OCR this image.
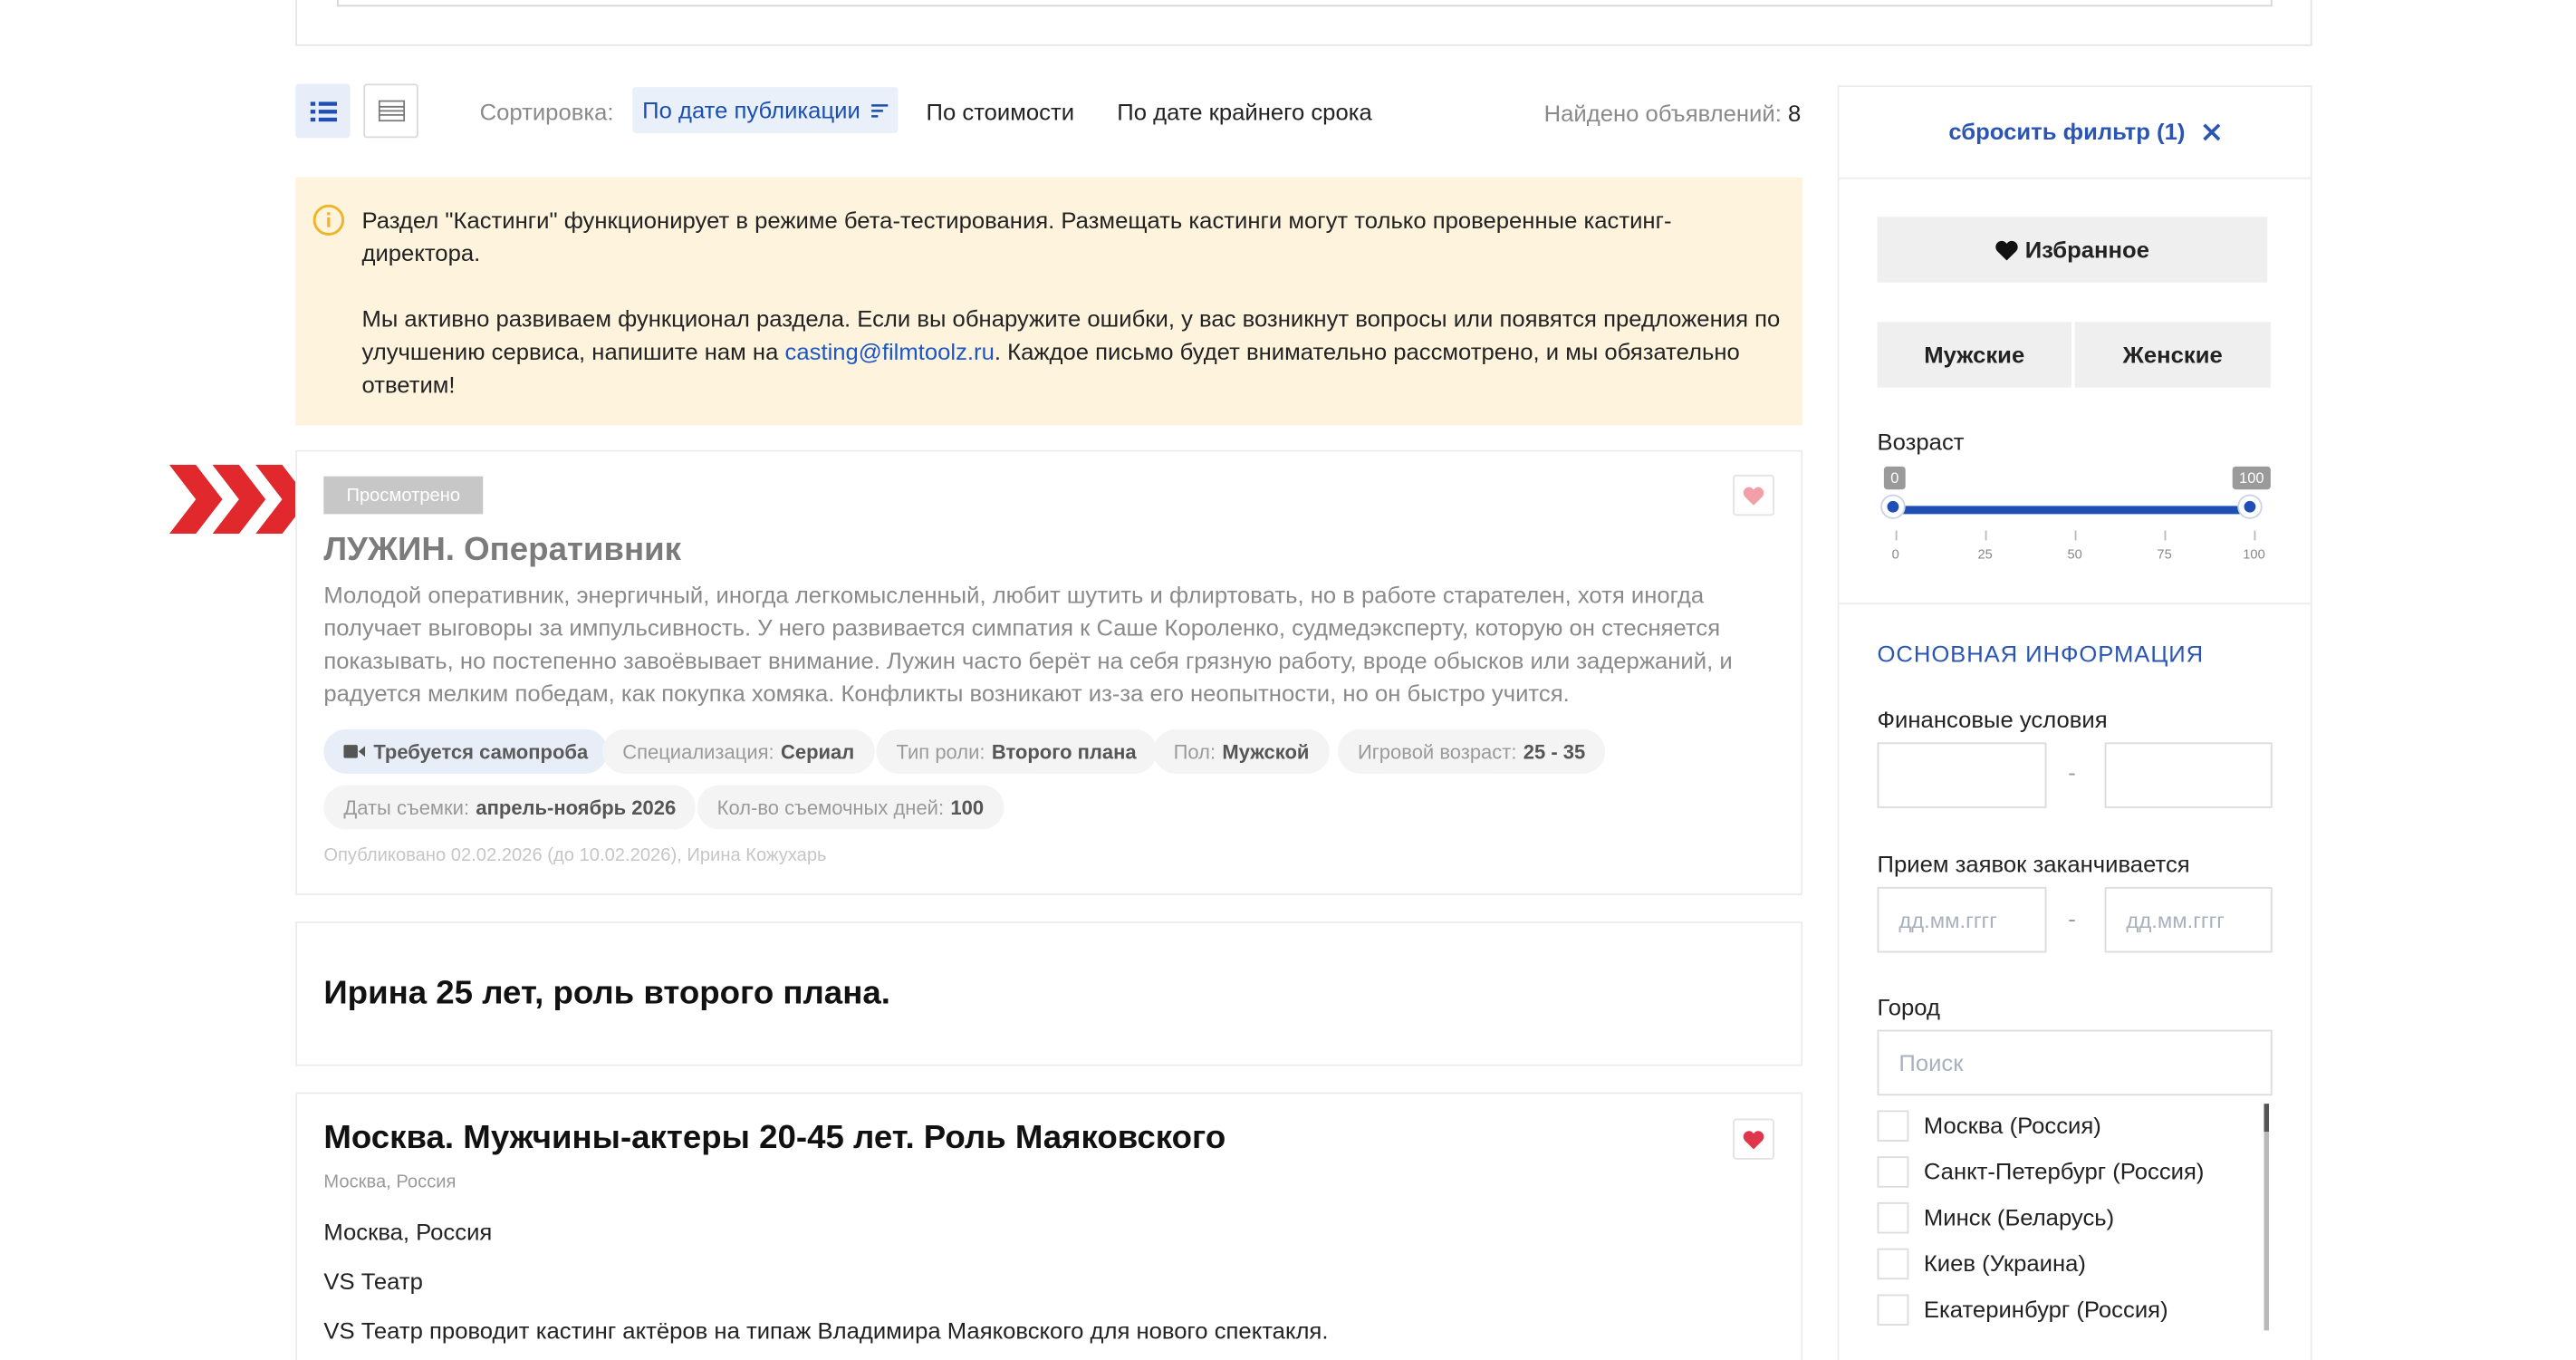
Сортировка: По дате публикации	По стоимости	По дате крайнего срока	Найдено объявлений: 8

Раздел "Кастинги" функционирует в режиме бета-тестирования. Размещать кастинги могут только проверенные кастинг-директора.

Мы активно развиваем функционал раздела. Если вы обнаружите ошибки, у вас возникнут вопросы или появятся предложения по улучшению сервиса, напишите нам на casting@filmtoolz.ru. Каждое письмо будет внимательно рассмотрено, и мы обязательно ответим!

Просмотрено
ЛУЖИН. Оперативник
Молодой оперативник, энергичный, иногда легкомысленный, любит шутить и флиртовать, но в работе старателен, хотя иногда получает выговоры за импульсивность. У него развивается симпатия к Саше Короленко, судмедэксперту, которую он стесняется показывать, но постепенно завоёвывает внимание. Лужин часто берёт на себя грязную работу, вроде обысков или задержаний, и радуется мелким победам, как покупка хомяка. Конфликты возникают из-за его неопытности, но он быстро учится.
Требуется самопроба	Специализация: Сериал	Тип роли: Второго плана	Пол: Мужской	Игровой возраст: 25 - 35
Даты съемки: апрель-ноябрь 2026	Кол-во съемочных дней: 100
Опубликовано 02.02.2026 (до 10.02.2026), Ирина Кожухарь
Ирина 25 лет, роль второго плана.
Москва. Мужчины-актеры 20-45 лет. Роль Маяковского
Москва, Россия
Москва, Россия
VS Театр
VS Театр проводит кастинг актёров на типаж Владимира Маяковского для нового спектакля.
сбросить фильтр (1)
Избранное
Мужские	Женские
Возраст
0	100
0	25	50	75	100
ОСНОВНАЯ ИНФОРМАЦИЯ
Финансовые условия
-
Прием заявок заканчивается
дд.мм.гггг	-	дд.мм.гггг
Город
Поиск
Москва (Россия)
Санкт-Петербург (Россия)
Минск (Беларусь)
Киев (Украина)
Екатеринбург (Россия)
